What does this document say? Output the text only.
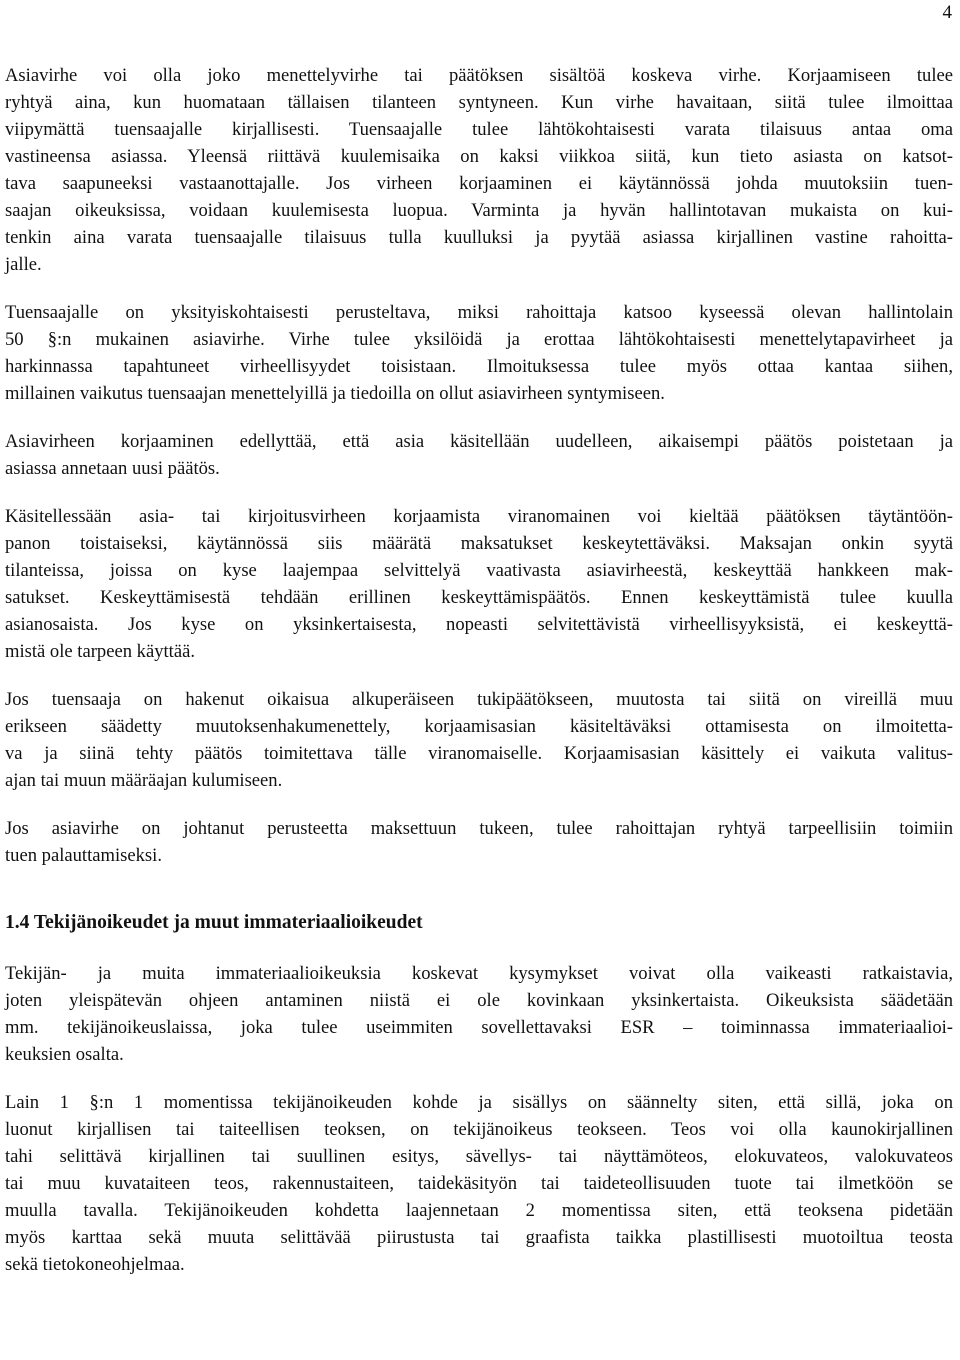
4

Asiavirhe voi olla joko menettelyvirhe tai päätöksen sisältöä koskeva virhe. Korjaamiseen tulee
ryhtyä aina, kun huomataan tällaisen tilanteen syntyneen. Kun virhe havaitaan, siitä tulee ilmoittaa
viipymättä tuensaajalle kirjallisesti. Tuensaajalle tulee lähtökohtaisesti varata tilaisuus antaa oma
vastineensa asiassa. Yleensä riittävä kuulemisaika on kaksi viikkoa siitä, kun tieto asiasta on katsot-
tava saapuneeksi vastaanottajalle. Jos virheen korjaaminen ei käytännössä johda muutoksiin tuen-
saajan oikeuksissa, voidaan kuulemisesta luopua. Varminta ja hyvän hallintotavan mukaista on kui-
tenkin aina varata tuensaajalle tilaisuus tulla kuulluksi ja pyytää asiassa kirjallinen vastine rahoitta-
jalle.

Tuensaajalle on yksityiskohtaisesti perusteltava, miksi rahoittaja katsoo kyseessä olevan hallintolain
50 §:n mukainen asiavirhe. Virhe tulee yksilöidä ja erottaa lähtökohtaisesti menettelytapavirheet ja
harkinnassa tapahtuneet virheellisyydet toisistaan. Ilmoituksessa tulee myös ottaa kantaa siihen,
millainen vaikutus tuensaajan menettelyillä ja tiedoilla on ollut asiavirheen syntymiseen.

Asiavirheen korjaaminen edellyttää, että asia käsitellään uudelleen, aikaisempi päätös poistetaan ja
asiassa annetaan uusi päätös.

Käsitellessään asia- tai kirjoitusvirheen korjaamista viranomainen voi kieltää päätöksen täytäntöön-
panon toistaiseksi, käytännössä siis määrätä maksatukset keskeytettäväksi. Maksajan onkin syytä
tilanteissa, joissa on kyse laajempaa selvittelyä vaativasta asiavirheestä, keskeyttää hankkeen mak-
satukset. Keskeyttämisestä tehdään erillinen keskeyttämispäätös. Ennen keskeyttämistä tulee kuulla
asianosaista. Jos kyse on yksinkertaisesta, nopeasti selvitettävistä virheellisyyksistä, ei keskeyttä-
mistä ole tarpeen käyttää.

Jos tuensaaja on hakenut oikaisua alkuperäiseen tukipäätökseen, muutosta tai siitä on vireillä muu
erikseen säädetty muutoksenhakumenettely, korjaamisasian käsiteltäväksi ottamisesta on ilmoitetta-
va ja siinä tehty päätös toimitettava tälle viranomaiselle. Korjaamisasian käsittely ei vaikuta valitus-
ajan tai muun määräajan kulumiseen.

Jos asiavirhe on johtanut perusteetta maksettuun tukeen, tulee rahoittajan ryhtyä tarpeellisiin toimiin
tuen palauttamiseksi.

1.4 Tekijänoikeudet ja muut immateriaalioikeudet

Tekijän- ja muita immateriaalioikeuksia koskevat kysymykset voivat olla vaikeasti ratkaistavia,
joten yleispätevän ohjeen antaminen niistä ei ole kovinkaan yksinkertaista. Oikeuksista säädetään
mm. tekijänoikeuslaissa, joka tulee useimmiten sovellettavaksi ESR – toiminnassa immateriaalioi-
keuksien osalta.

Lain 1 §:n 1 momentissa tekijänoikeuden kohde ja sisällys on säännelty siten, että sillä, joka on
luonut kirjallisen tai taiteellisen teoksen, on tekijänoikeus teokseen. Teos voi olla kaunokirjallinen
tahi selittävä kirjallinen tai suullinen esitys, sävellys- tai näyttämöteos, elokuvateos, valokuvateos
tai muu kuvataiteen teos, rakennustaiteen, taidekäsityön tai taideteollisuuden tuote tai ilmetköön se
muulla tavalla. Tekijänoikeuden kohdetta laajennetaan 2 momentissa siten, että teoksena pidetään
myös karttaa sekä muuta selittävää piirustusta tai graafista taikka plastillisesti muotoiltua teosta
sekä tietokoneohjelmaa.
